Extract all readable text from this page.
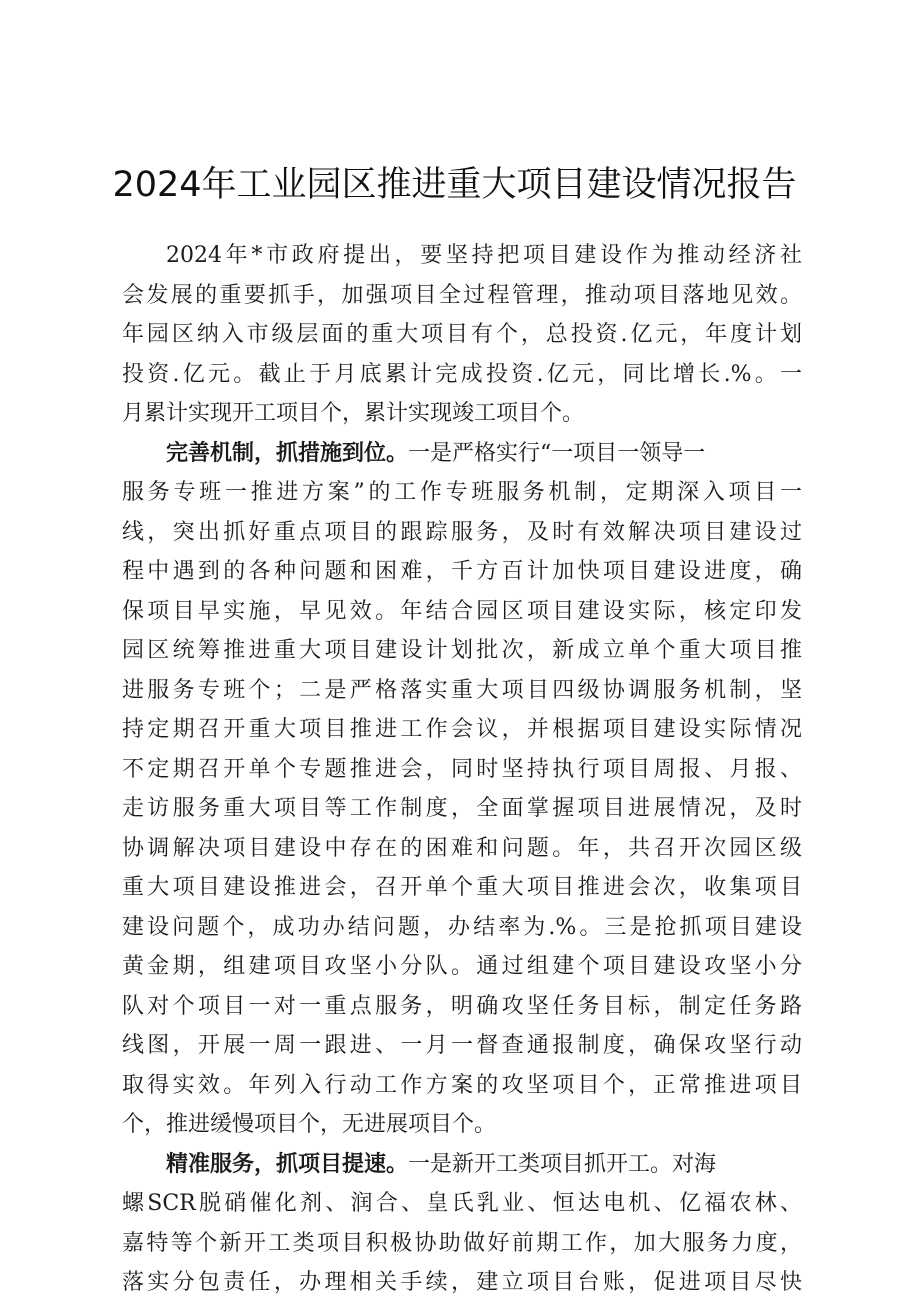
2024年工业园区推进重大项目建设情况报告
2024年*市政府提出，要坚持把项目建设作为推动经济社
会发展的重要抓手，加强项目全过程管理，推动项目落地见效。
年园区纳入市级层面的重大项目有个，总投资.亿元，年度计划
投资.亿元。截止于月底累计完成投资.亿元，同比增长.%。一
月累计实现开工项目个，累计实现竣工项目个。
完善机制，抓措施到位。一是严格实行“一项目一领导一
服务专班一推进方案”的工作专班服务机制，定期深入项目一
线，突出抓好重点项目的跟踪服务，及时有效解决项目建设过
程中遇到的各种问题和困难，千方百计加快项目建设进度，确
保项目早实施，早见效。年结合园区项目建设实际，核定印发
园区统筹推进重大项目建设计划批次，新成立单个重大项目推
进服务专班个；二是严格落实重大项目四级协调服务机制，坚
持定期召开重大项目推进工作会议，并根据项目建设实际情况
不定期召开单个专题推进会，同时坚持执行项目周报、月报、
走访服务重大项目等工作制度，全面掌握项目进展情况，及时
协调解决项目建设中存在的困难和问题。年，共召开次园区级
重大项目建设推进会，召开单个重大项目推进会次，收集项目
建设问题个，成功办结问题，办结率为.%。三是抢抓项目建设
黄金期，组建项目攻坚小分队。通过组建个项目建设攻坚小分
队对个项目一对一重点服务，明确攻坚任务目标，制定任务路
线图，开展一周一跟进、一月一督查通报制度，确保攻坚行动
取得实效。年列入行动工作方案的攻坚项目个，正常推进项目
个，推进缓慢项目个，无进展项目个。
精准服务，抓项目提速。一是新开工类项目抓开工。对海
螺SCR脱硝催化剂、润合、皇氏乳业、恒达电机、亿福农林、
嘉特等个新开工类项目积极协助做好前期工作，加大服务力度，
落实分包责任，办理相关手续，建立项目台账，促进项目尽快
